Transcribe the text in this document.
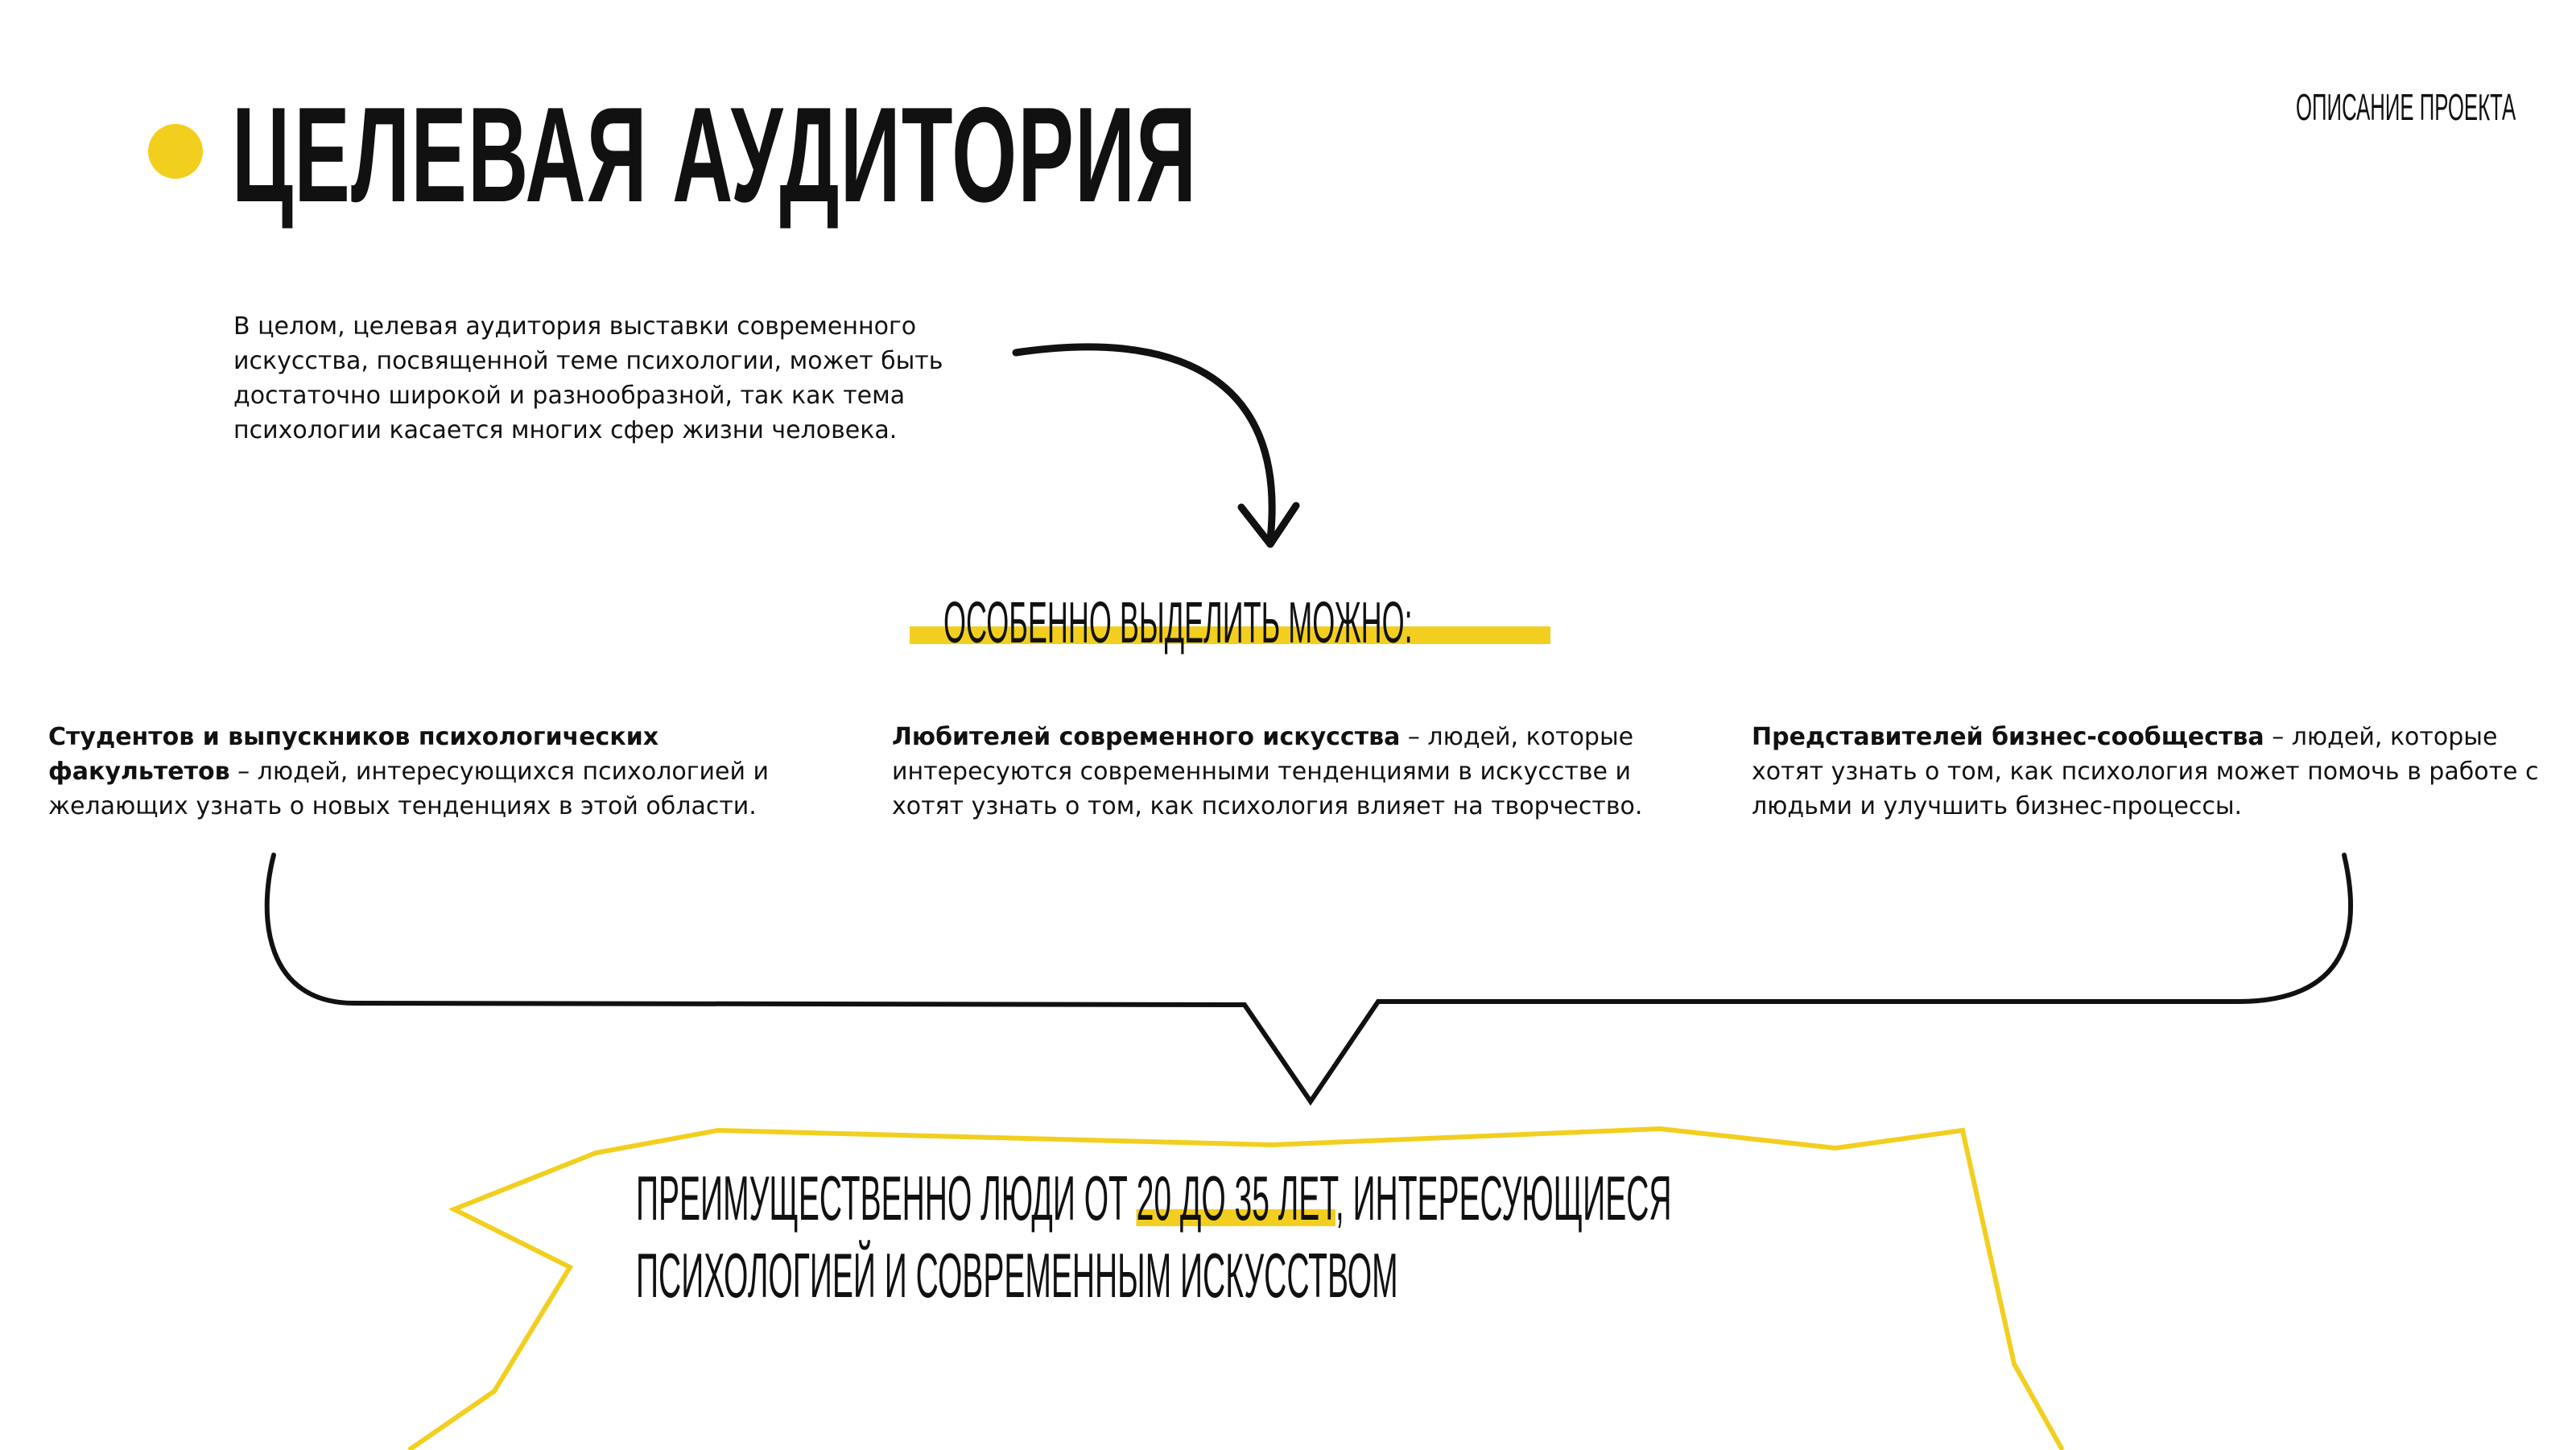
ЦЕЛЕВАЯ АУДИТОРИЯ	ОПИСАНИЕ ПРОЕКТА
В целом, целевая аудитория выставки современного искусства, посвященной теме психологии, может быть достаточно широкой и разнообразной, так как тема психологии касается многих сфер жизни человека.
ОСОБЕННО ВЫДЕЛИТЬ МОЖНО:
Студентов и выпускников психологических факультетов – людей, интересующихся психологией и желающих узнать о новых тенденциях в этой области.
Любителей современного искусства – людей, которые интересуются современными тенденциями в искусстве и хотят узнать о том, как психология влияет на творчество.
Представителей бизнес-сообщества – людей, которые хотят узнать о том, как психология может помочь в работе с людьми и улучшить бизнес-процессы.
ПРЕИМУЩЕСТВЕННО ЛЮДИ ОТ 20 ДО 35 ЛЕТ, ИНТЕРЕСУЮЩИЕСЯ
ПСИХОЛОГИЕЙ И СОВРЕМЕННЫМ ИСКУССТВОМ
